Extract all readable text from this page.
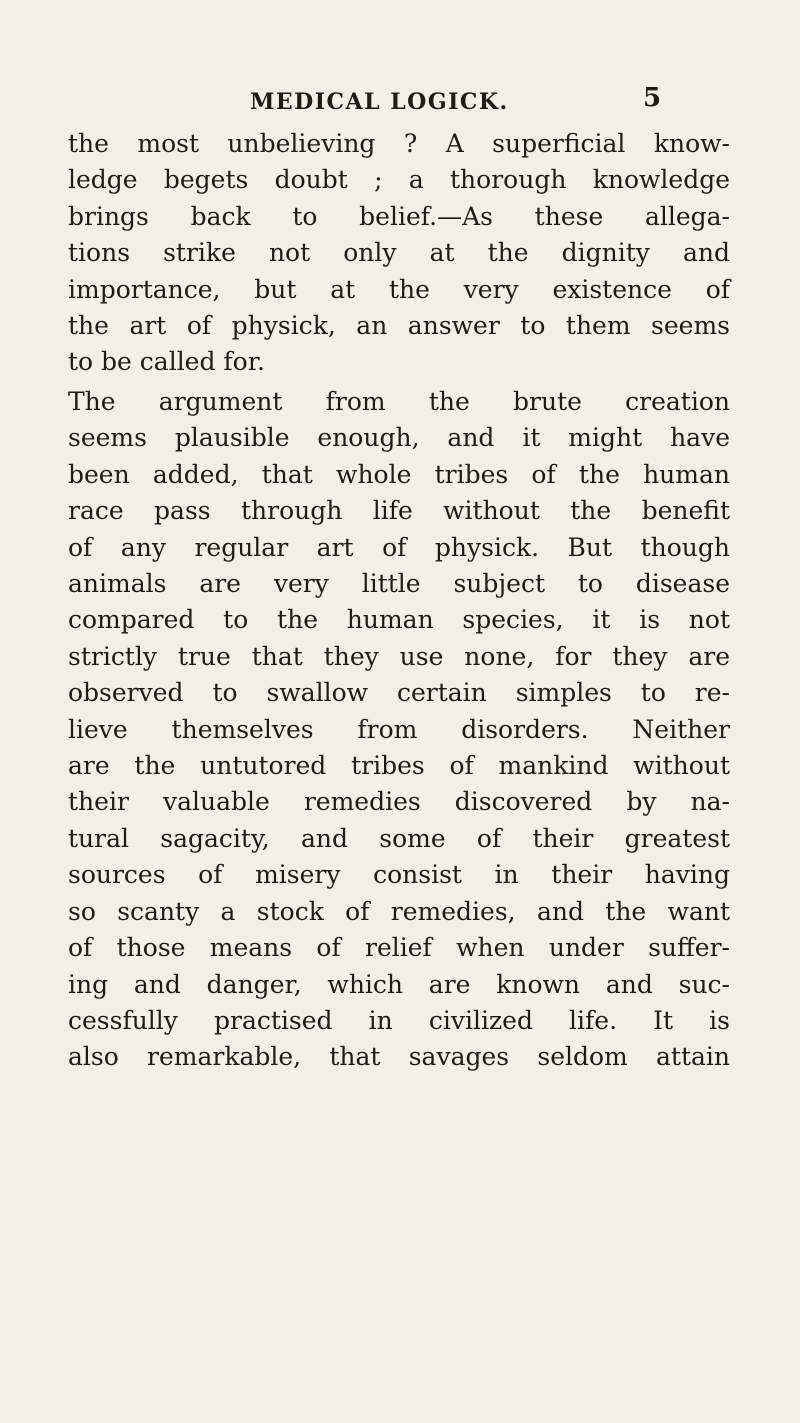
MEDICAL LOGICK.	5
the most unbelieving ? A superficial know-
ledge begets doubt ; a thorough knowledge
brings back to belief.—As these allega-
tions strike not only at the dignity and
importance, but at the very existence of
the art of physick, an answer to them seems
to be called for.
The argument from the brute creation
seems plausible enough, and it might have
been added, that whole tribes of the human
race pass through life without the benefit
of any regular art of physick. But though
animals are very little subject to disease
compared to the human species, it is not
strictly true that they use none, for they are
observed to swallow certain simples to re-
lieve themselves from disorders. Neither
are the untutored tribes of mankind without
their valuable remedies discovered by na-
tural sagacity, and some of their greatest
sources of misery consist in their having
so scanty a stock of remedies, and the want
of those means of relief when under suffer-
ing and danger, which are known and suc-
cessfully practised in civilized life. It is
also remarkable, that savages seldom attain
